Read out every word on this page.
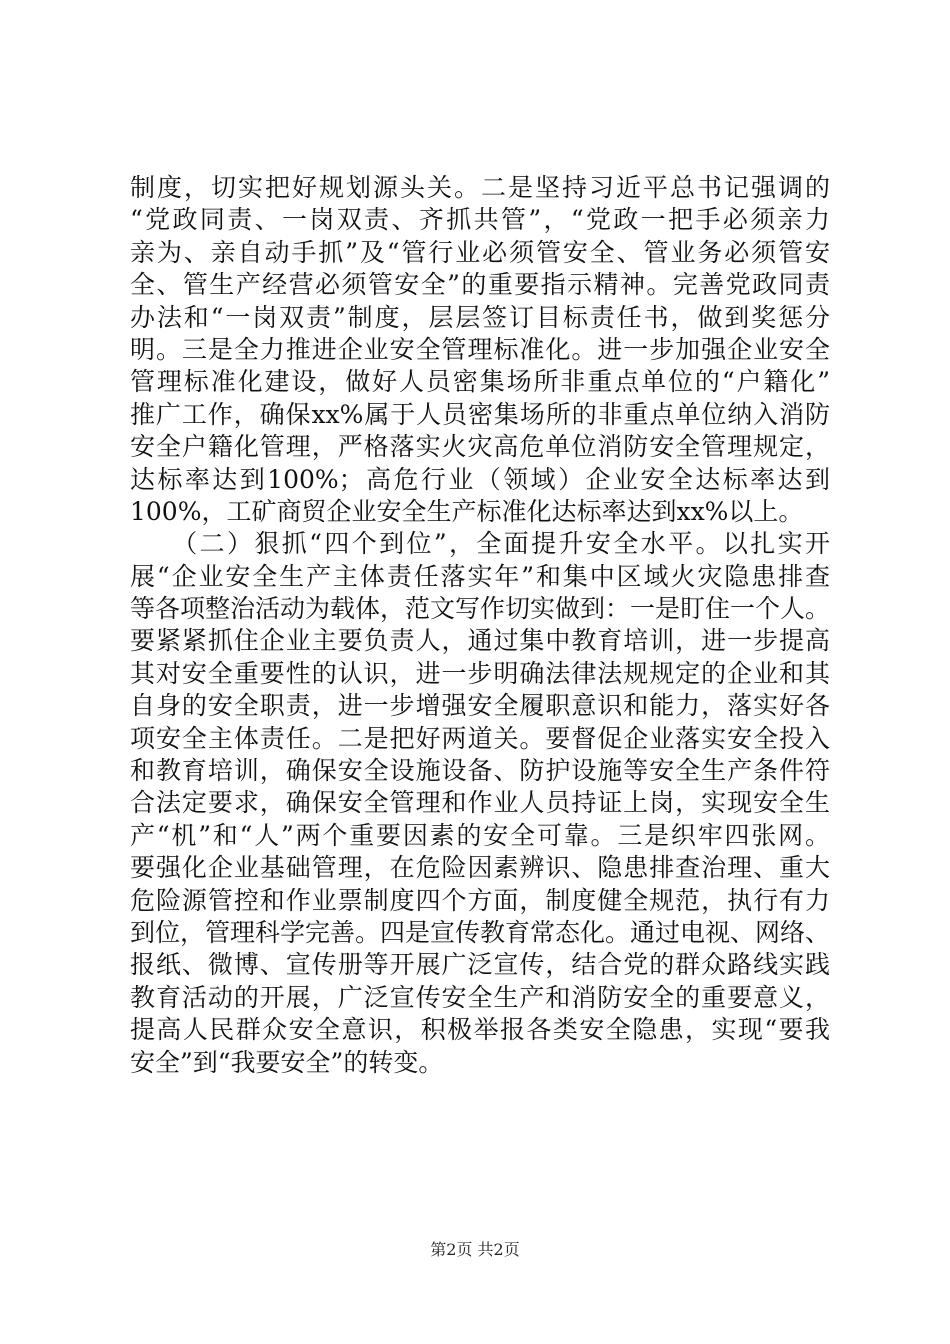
制度，切实把好规划源头关。二是坚持习近平总书记强调的
“党政同责、一岗双责、齐抓共管”，“党政一把手必须亲力
亲为、亲自动手抓”及“管行业必须管安全、管业务必须管安
全、管生产经营必须管安全”的重要指示精神。完善党政同责
办法和“一岗双责”制度，层层签订目标责任书，做到奖惩分
明。三是全力推进企业安全管理标准化。进一步加强企业安全
管理标准化建设，做好人员密集场所非重点单位的“户籍化”
推广工作，确保xx%属于人员密集场所的非重点单位纳入消防
安全户籍化管理，严格落实火灾高危单位消防安全管理规定，
达标率达到100%；高危行业（领域）企业安全达标率达到
100%，工矿商贸企业安全生产标准化达标率达到xx%以上。
　　（二）狠抓“四个到位”，全面提升安全水平。以扎实开
展“企业安全生产主体责任落实年”和集中区域火灾隐患排查
等各项整治活动为载体，范文写作切实做到：一是盯住一个人。
要紧紧抓住企业主要负责人，通过集中教育培训，进一步提高
其对安全重要性的认识，进一步明确法律法规规定的企业和其
自身的安全职责，进一步增强安全履职意识和能力，落实好各
项安全主体责任。二是把好两道关。要督促企业落实安全投入
和教育培训，确保安全设施设备、防护设施等安全生产条件符
合法定要求，确保安全管理和作业人员持证上岗，实现安全生
产“机”和“人”两个重要因素的安全可靠。三是织牢四张网。
要强化企业基础管理，在危险因素辨识、隐患排查治理、重大
危险源管控和作业票制度四个方面，制度健全规范，执行有力
到位，管理科学完善。四是宣传教育常态化。通过电视、网络、
报纸、微博、宣传册等开展广泛宣传，结合党的群众路线实践
教育活动的开展，广泛宣传安全生产和消防安全的重要意义，
提高人民群众安全意识，积极举报各类安全隐患，实现“要我
安全”到“我要安全”的转变。
第2页 共2页
